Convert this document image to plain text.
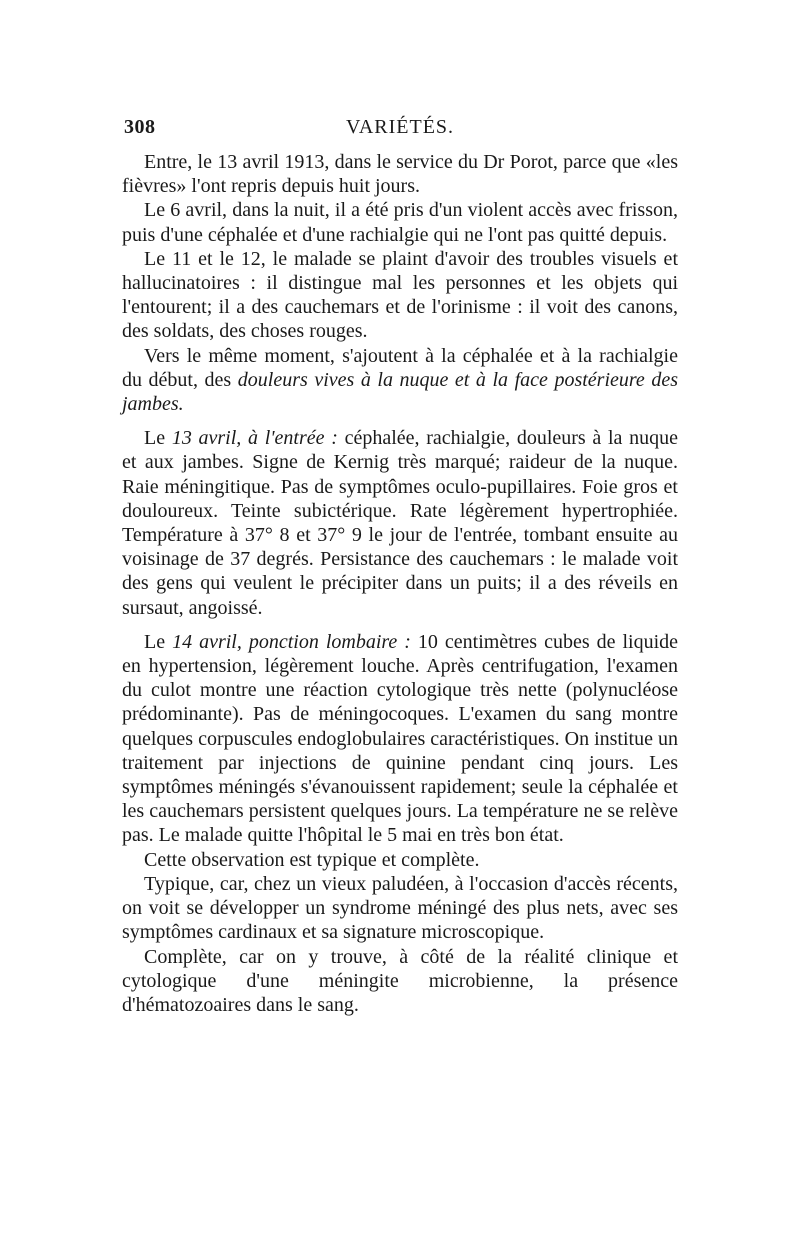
308	VARIÉTÉS.

Entre, le 13 avril 1913, dans le service du Dr Porot, parce que «les fièvres» l'ont repris depuis huit jours.

Le 6 avril, dans la nuit, il a été pris d'un violent accès avec frisson, puis d'une céphalée et d'une rachialgie qui ne l'ont pas quitté depuis.

Le 11 et le 12, le malade se plaint d'avoir des troubles visuels et hallucinatoires : il distingue mal les personnes et les objets qui l'entourent; il a des cauchemars et de l'orinisme : il voit des canons, des soldats, des choses rouges.

Vers le même moment, s'ajoutent à la céphalée et à la rachialgie du début, des douleurs vives à la nuque et à la face postérieure des jambes.

Le 13 avril, à l'entrée : céphalée, rachialgie, douleurs à la nuque et aux jambes. Signe de Kernig très marqué; raideur de la nuque. Raie méningitique. Pas de symptômes oculo-pupillaires. Foie gros et douloureux. Teinte subictérique. Rate légèrement hypertrophiée. Température à 37° 8 et 37° 9 le jour de l'entrée, tombant ensuite au voisinage de 37 degrés. Persistance des cauchemars : le malade voit des gens qui veulent le précipiter dans un puits; il a des réveils en sursaut, angoissé.

Le 14 avril, ponction lombaire : 10 centimètres cubes de liquide en hypertension, légèrement louche. Après centrifugation, l'examen du culot montre une réaction cytologique très nette (polynucléose prédominante). Pas de méningocoques. L'examen du sang montre quelques corpuscules endoglobulaires caractéristiques. On institue un traitement par injections de quinine pendant cinq jours. Les symptômes méningés s'évanouissent rapidement; seule la céphalée et les cauchemars persistent quelques jours. La température ne se relève pas. Le malade quitte l'hôpital le 5 mai en très bon état.

Cette observation est typique et complète.

Typique, car, chez un vieux paludéen, à l'occasion d'accès récents, on voit se développer un syndrome méningé des plus nets, avec ses symptômes cardinaux et sa signature microscopique.

Complète, car on y trouve, à côté de la réalité clinique et cytologique d'une méningite microbienne, la présence d'hématozoaires dans le sang.
